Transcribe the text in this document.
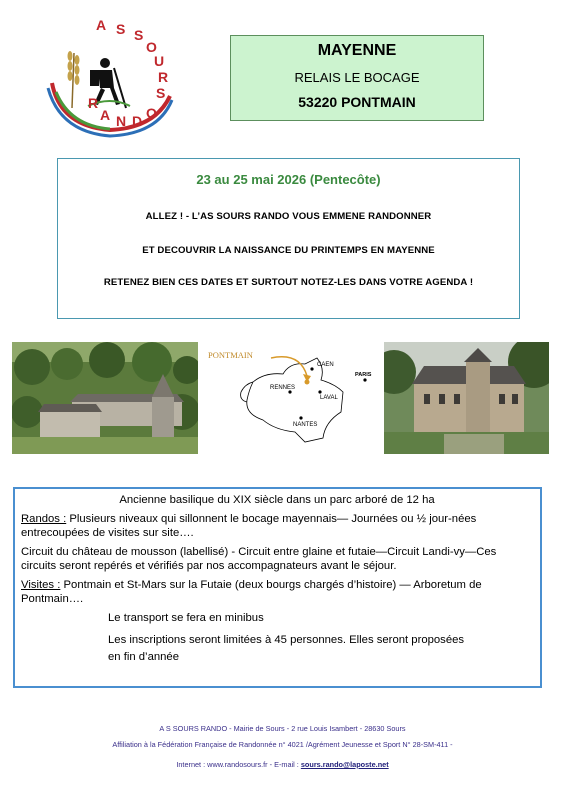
A S S
O
U
R
S
R
A N D O
MAYENNE
RELAIS LE BOCAGE
53220 PONTMAIN
23 au 25 mai 2026 (Pentecôte)
ALLEZ ! - L’AS SOURS RANDO VOUS EMMENE RANDONNER
ET DECOUVRIR LA NAISSANCE DU PRINTEMPS EN MAYENNE
RETENEZ BIEN CES DATES ET SURTOUT NOTEZ-LES DANS VOTRE AGENDA !
PONTMAIN
CAEN
PARIS
RENNES
LAVAL
NANTES

Ancienne basilique du XIX siècle dans un parc arboré de 12 ha

Randos : Plusieurs niveaux qui sillonnent le bocage mayennais— Journées ou ½ jour-nées entrecoupées de visites sur site….

Circuit du château de mousson (labellisé) - Circuit entre glaine et futaie—Circuit Landi-vy—Ces circuits seront repérés et vérifiés par nos accompagnateurs avant le séjour.

Visites : Pontmain et St-Mars sur la Futaie (deux bourgs chargés d’histoire) — Arboretum de Pontmain….

Le transport se fera en minibus

Les inscriptions seront limitées à 45 personnes. Elles seront proposées

en fin d’année

A S SOURS RANDO - Mairie de Sours - 2 rue Louis Isambert - 28630 Sours
Affiliation à la Fédération Française de Randonnée n° 4021 /Agrément Jeunesse et Sport N° 28-SM-411 -
Internet : www.randosours.fr - E-mail : sours.rando@laposte.net
